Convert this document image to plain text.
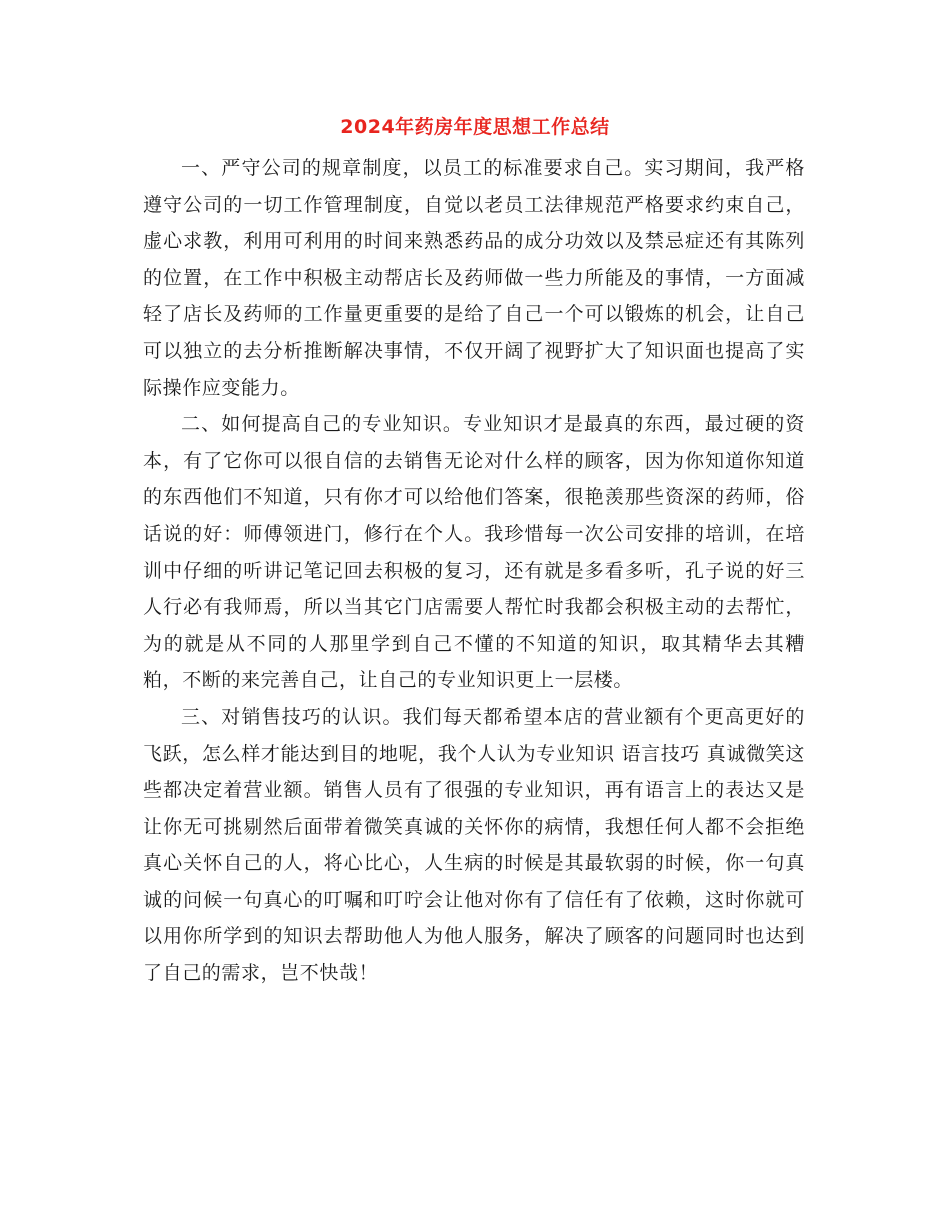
2024年药房年度思想工作总结

一、严守公司的规章制度，以员工的标准要求自己。实习期间，我严格遵守公司的一切工作管理制度，自觉以老员工法律规范严格要求约束自己，虚心求教，利用可利用的时间来熟悉药品的成分功效以及禁忌症还有其陈列的位置，在工作中积极主动帮店长及药师做一些力所能及的事情，一方面减轻了店长及药师的工作量更重要的是给了自己一个可以锻炼的机会，让自己可以独立的去分析推断解决事情，不仅开阔了视野扩大了知识面也提高了实际操作应变能力。

二、如何提高自己的专业知识。专业知识才是最真的东西，最过硬的资本，有了它你可以很自信的去销售无论对什么样的顾客，因为你知道你知道的东西他们不知道，只有你才可以给他们答案，很艳羡那些资深的药师，俗话说的好：师傅领进门，修行在个人。我珍惜每一次公司安排的培训，在培训中仔细的听讲记笔记回去积极的复习，还有就是多看多听，孔子说的好三人行必有我师焉，所以当其它门店需要人帮忙时我都会积极主动的去帮忙，为的就是从不同的人那里学到自己不懂的不知道的知识，取其精华去其糟粕，不断的来完善自己，让自己的专业知识更上一层楼。

三、对销售技巧的认识。我们每天都希望本店的营业额有个更高更好的飞跃，怎么样才能达到目的地呢，我个人认为专业知识 语言技巧 真诚微笑这些都决定着营业额。销售人员有了很强的专业知识，再有语言上的表达又是让你无可挑剔然后面带着微笑真诚的关怀你的病情，我想任何人都不会拒绝真心关怀自己的人，将心比心，人生病的时候是其最软弱的时候，你一句真诚的问候一句真心的叮嘱和叮咛会让他对你有了信任有了依赖，这时你就可以用你所学到的知识去帮助他人为他人服务，解决了顾客的问题同时也达到了自己的需求，岂不快哉！
